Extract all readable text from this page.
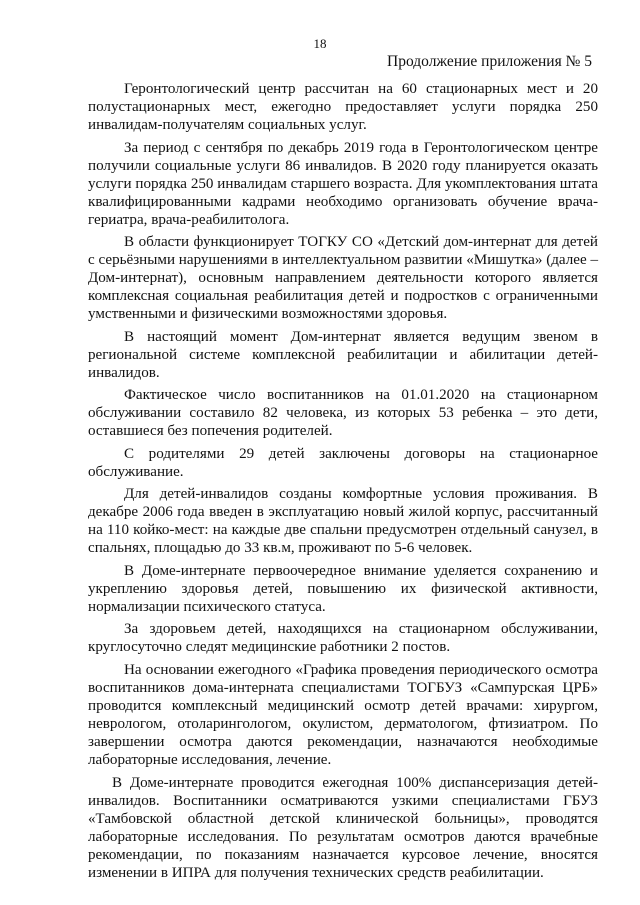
18
Продолжение приложения № 5

Геронтологический центр рассчитан на 60 стационарных мест и 20 полустационарных мест, ежегодно предоставляет услуги порядка 250 инвалидам-получателям социальных услуг.

За период с сентября по декабрь 2019 года в Геронтологическом центре получили социальные услуги 86 инвалидов. В 2020 году планируется оказать услуги порядка 250 инвалидам старшего возраста. Для укомплектования штата квалифицированными кадрами необходимо организовать обучение врача-гериатра, врача-реабилитолога.

В области функционирует ТОГКУ СО «Детский дом-интернат для детей с серьёзными нарушениями в интеллектуальном развитии «Мишутка» (далее – Дом-интернат), основным направлением деятельности которого является комплексная социальная реабилитация детей и подростков с ограниченными умственными и физическими возможностями здоровья.

В настоящий момент Дом-интернат является ведущим звеном в региональной системе комплексной реабилитации и абилитации детей-инвалидов.

Фактическое число воспитанников на 01.01.2020 на стационарном обслуживании составило 82 человека, из которых 53 ребенка – это дети, оставшиеся без попечения родителей.

С родителями 29 детей заключены договоры на стационарное обслуживание.

Для детей-инвалидов созданы комфортные условия проживания. В декабре 2006 года введен в эксплуатацию новый жилой корпус, рассчитанный на 110 койко-мест: на каждые две спальни предусмотрен отдельный санузел, в спальнях, площадью до 33 кв.м, проживают по 5-6 человек.

В Доме-интернате первоочередное внимание уделяется сохранению и укреплению здоровья детей, повышению их физической активности, нормализации психического статуса.

За здоровьем детей, находящихся на стационарном обслуживании, круглосуточно следят медицинские работники 2 постов.

На основании ежегодного «Графика проведения периодического осмотра воспитанников дома-интерната специалистами ТОГБУЗ «Сампурская ЦРБ» проводится комплексный медицинский осмотр детей врачами: хирургом, неврологом, отоларингологом, окулистом, дерматологом, фтизиатром. По завершении осмотра даются рекомендации, назначаются необходимые лабораторные исследования, лечение.

В Доме-интернате проводится ежегодная 100% диспансеризация детей-инвалидов. Воспитанники осматриваются узкими специалистами ГБУЗ «Тамбовской областной детской клинической больницы», проводятся лабораторные исследования. По результатам осмотров даются врачебные рекомендации, по показаниям назначается курсовое лечение, вносятся изменении в ИПРА для получения технических средств реабилитации.
